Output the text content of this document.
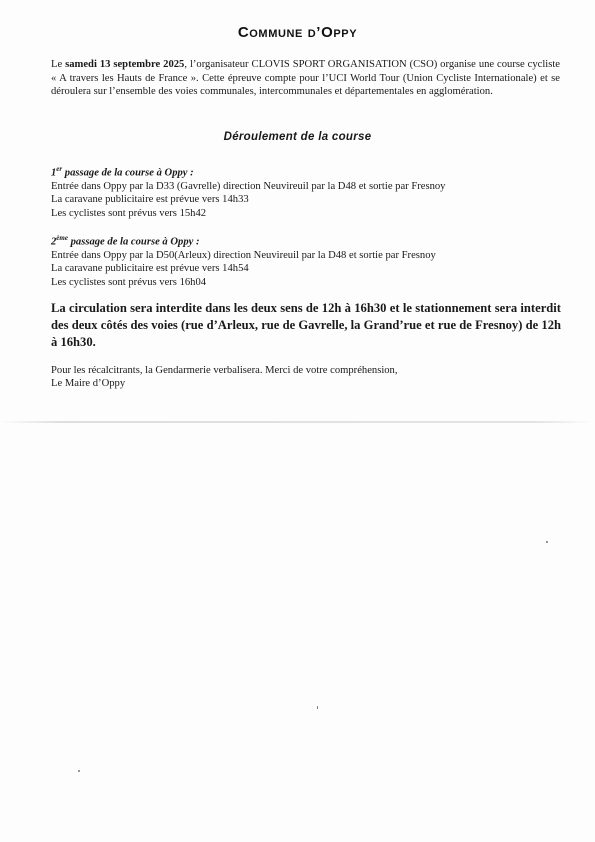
Commune d’Oppy
Le samedi 13 septembre 2025, l’organisateur CLOVIS SPORT ORGANISATION (CSO) organise une course cycliste « A travers les Hauts de France ». Cette épreuve compte pour l’UCI World Tour (Union Cycliste Internationale) et se déroulera sur l’ensemble des voies communales, intercommunales et départementales en agglomération.
Déroulement de la course
1er passage de la course à Oppy :
Entrée dans Oppy par la D33 (Gavrelle) direction Neuvireuil par la D48 et sortie par Fresnoy
La caravane publicitaire est prévue vers 14h33
Les cyclistes sont prévus vers 15h42
2ème passage de la course à Oppy :
Entrée dans Oppy par la D50(Arleux) direction Neuvireuil par la D48 et sortie par Fresnoy
La caravane publicitaire est prévue vers 14h54
Les cyclistes sont prévus vers 16h04
La circulation sera interdite dans les deux sens de 12h à 16h30 et le stationnement sera interdit des deux côtés des voies (rue d’Arleux, rue de Gavrelle, la Grand’rue et rue de Fresnoy) de 12h à 16h30.
Pour les récalcitrants, la Gendarmerie verbalisera. Merci de votre compréhension,
Le Maire d’Oppy
